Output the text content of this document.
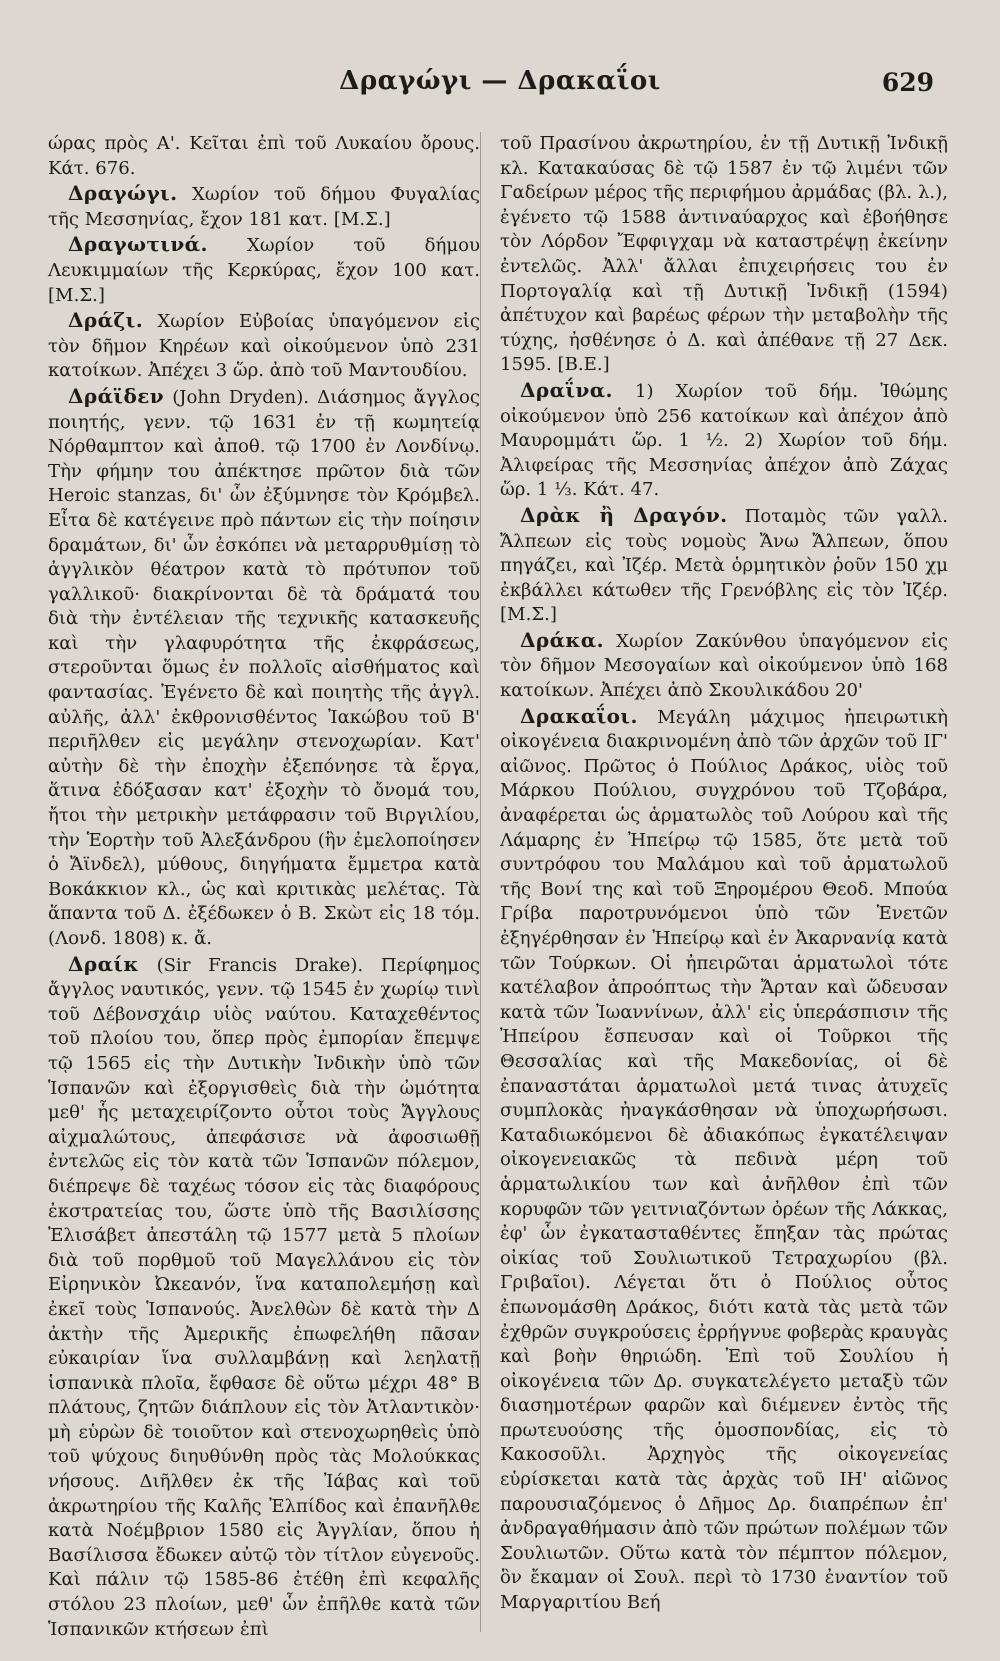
Δραγώγι — Δρακαΐοι	629

ώρας πρὸς Α'. Κεῖται ἐπὶ τοῦ Λυκαίου ὄρους. Κάτ. 676.

Δραγώγι. Χωρίον τοῦ δήμου Φυγαλίας τῆς Μεσσηνίας, ἔχον 181 κατ. [Μ.Σ.]

Δραγωτινά. Χωρίον τοῦ δήμου Λευκιμμαίων τῆς Κερκύρας, ἔχον 100 κατ. [Μ.Σ.]

Δράζι. Χωρίον Εὐβοίας ὑπαγόμενον εἰς τὸν δῆμον Κηρέων καὶ οἰκούμενον ὑπὸ 231 κατοίκων. Ἀπέχει 3 ὥρ. ἀπὸ τοῦ Μαντουδίου.

Δράϊδεν (John Dryden). Διάσημος ἄγγλος ποιητής, γενν. τῷ 1631 ἐν τῇ κωμητείᾳ Νόρθαμπτον καὶ ἀποθ. τῷ 1700 ἐν Λονδίνῳ. Τὴν φήμην του ἀπέκτησε πρῶτον διὰ τῶν Heroic stanzas, δι' ὧν ἐξύμνησε τὸν Κρόμβελ. Εἶτα δὲ κατέγεινε πρὸ πάντων εἰς τὴν ποίησιν δραμάτων, δι' ὧν ἐσκόπει νὰ μεταρρυθμίσῃ τὸ ἀγγλικὸν θέατρον κατὰ τὸ πρότυπον τοῦ γαλλικοῦ· διακρίνονται δὲ τὰ δράματά του διὰ τὴν ἐντέλειαν τῆς τεχνικῆς κατασκευῆς καὶ τὴν γλαφυρότητα τῆς ἐκφράσεως, στεροῦνται ὅμως ἐν πολλοῖς αἰσθήματος καὶ φαντασίας. Ἐγένετο δὲ καὶ ποιητὴς τῆς ἀγγλ. αὐλῆς, ἀλλ' ἐκθρονισθέντος Ἰακώβου τοῦ Β' περιῆλθεν εἰς μεγάλην στενοχωρίαν. Κατ' αὐτὴν δὲ τὴν ἐποχὴν ἐξεπόνησε τὰ ἔργα, ἅτινα ἐδόξασαν κατ' ἐξοχὴν τὸ ὄνομά του, ἤτοι τὴν μετρικὴν μετάφρασιν τοῦ Βιργιλίου, τὴν Ἑορτὴν τοῦ Ἀλεξάνδρου (ἣν ἐμελοποίησεν ὁ Ἄϊνδελ), μύθους, διηγήματα ἔμμετρα κατὰ Βοκάκκιον κλ., ὡς καὶ κριτικὰς μελέτας. Τὰ ἅπαντα τοῦ Δ. ἐξέδωκεν ὁ Β. Σκὼτ εἰς 18 τόμ. (Λονδ. 1808) κ. ἄ.

Δραίκ (Sir Francis Drake). Περίφημος ἄγγλος ναυτικός, γενν. τῷ 1545 ἐν χωρίῳ τινὶ τοῦ Δέβονσχάιρ υἱὸς ναύτου. Καταχεθέντος τοῦ πλοίου του, ὅπερ πρὸς ἐμπορίαν ἔπεμψε τῷ 1565 εἰς τὴν Δυτικὴν Ἰνδικὴν ὑπὸ τῶν Ἱσπανῶν καὶ ἐξοργισθεὶς διὰ τὴν ὠμότητα μεθ' ἧς μεταχειρίζοντο οὗτοι τοὺς Ἄγγλους αἰχμαλώτους, ἀπεφάσισε νὰ ἀφοσιωθῇ ἐντελῶς εἰς τὸν κατὰ τῶν Ἱσπανῶν πόλεμον, διέπρεψε δὲ ταχέως τόσον εἰς τὰς διαφόρους ἐκστρατείας του, ὥστε ὑπὸ τῆς Βασιλίσσης Ἐλισάβετ ἀπεστάλη τῷ 1577 μετὰ 5 πλοίων διὰ τοῦ πορθμοῦ τοῦ Μαγελλάνου εἰς τὸν Εἰρηνικὸν Ὠκεανόν, ἵνα καταπολεμήσῃ καὶ ἐκεῖ τοὺς Ἱσπανούς. Ἀνελθὼν δὲ κατὰ τὴν Δ ἀκτὴν τῆς Ἀμερικῆς ἐπωφελήθη πᾶσαν εὐκαιρίαν ἵνα συλλαμβάνῃ καὶ λεηλατῇ ἱσπανικὰ πλοῖα, ἔφθασε δὲ οὕτω μέχρι 48° Β πλάτους, ζητῶν διάπλουν εἰς τὸν Ἀτλαντικὸν· μὴ εὑρὼν δὲ τοιοῦτον καὶ στενοχωρηθεὶς ὑπὸ τοῦ ψύχους διηυθύνθη πρὸς τὰς Μολούκκας νήσους. Διῆλθεν ἐκ τῆς Ἰάβας καὶ τοῦ ἀκρωτηρίου τῆς Καλῆς Ἐλπίδος καὶ ἐπανῆλθε κατὰ Νοέμβριον 1580 εἰς Ἀγγλίαν, ὅπου ἡ Βασίλισσα ἔδωκεν αὐτῷ τὸν τίτλον εὐγενοῦς. Καὶ πάλιν τῷ 1585-86 ἐτέθη ἐπὶ κεφαλῆς στόλου 23 πλοίων, μεθ' ὧν ἐπῆλθε κατὰ τῶν Ἱσπανικῶν κτήσεων ἐπὶ

τοῦ Πρασίνου ἀκρωτηρίου, ἐν τῇ Δυτικῇ Ἰνδικῇ κλ. Κατακαύσας δὲ τῷ 1587 ἐν τῷ λιμένι τῶν Γαδείρων μέρος τῆς περιφήμου ἀρμάδας (βλ. λ.), ἐγένετο τῷ 1588 ἀντιναύαρχος καὶ ἐβοήθησε τὸν Λόρδον Ἔφφιγχαμ νὰ καταστρέψῃ ἐκείνην ἐντελῶς. Ἀλλ' ἄλλαι ἐπιχειρήσεις του ἐν Πορτογαλίᾳ καὶ τῇ Δυτικῇ Ἰνδικῇ (1594) ἀπέτυχον καὶ βαρέως φέρων τὴν μεταβολὴν τῆς τύχης, ἠσθένησε ὁ Δ. καὶ ἀπέθανε τῇ 27 Δεκ. 1595. [Β.Ε.]

Δραΐνα. 1) Χωρίον τοῦ δήμ. Ἰθώμης οἰκούμενον ὑπὸ 256 κατοίκων καὶ ἀπέχον ἀπὸ Μαυρομμάτι ὥρ. 1 ½. 2) Χωρίον τοῦ δήμ. Ἀλιφείρας τῆς Μεσσηνίας ἀπέχον ἀπὸ Ζάχας ὥρ. 1 ⅓. Κάτ. 47.

Δρὰκ ἢ Δραγόν. Ποταμὸς τῶν γαλλ. Ἄλπεων εἰς τοὺς νομοὺς Ἄνω Ἄλπεων, ὅπου πηγάζει, καὶ Ἰζέρ. Μετὰ ὁρμητικὸν ῥοῦν 150 χμ ἐκβάλλει κάτωθεν τῆς Γρενόβλης εἰς τὸν Ἰζέρ. [Μ.Σ.]

Δράκα. Χωρίον Ζακύνθου ὑπαγόμενον εἰς τὸν δῆμον Μεσογαίων καὶ οἰκούμενον ὑπὸ 168 κατοίκων. Ἀπέχει ἀπὸ Σκουλικάδου 20'

Δρακαΐοι. Μεγάλη μάχιμος ἠπειρωτικὴ οἰκογένεια διακρινομένη ἀπὸ τῶν ἀρχῶν τοῦ ΙΓ' αἰῶνος. Πρῶτος ὁ Πούλιος Δράκος, υἱὸς τοῦ Μάρκου Πούλιου, συγχρόνου τοῦ Τζοβάρα, ἀναφέρεται ὡς ἁρματωλὸς τοῦ Λούρου καὶ τῆς Λάμαρης ἐν Ἠπείρῳ τῷ 1585, ὅτε μετὰ τοῦ συντρόφου του Μαλάμου καὶ τοῦ ἁρματωλοῦ τῆς Βονί της καὶ τοῦ Ξηρομέρου Θεοδ. Μπούα Γρίβα παροτρυνόμενοι ὑπὸ τῶν Ἑνετῶν ἐξηγέρθησαν ἐν Ἠπείρῳ καὶ ἐν Ἀκαρνανίᾳ κατὰ τῶν Τούρκων. Οἱ ἠπειρῶται ἁρματωλοὶ τότε κατέλαβον ἀπροόπτως τὴν Ἄρταν καὶ ὥδευσαν κατὰ τῶν Ἰωαννίνων, ἀλλ' εἰς ὑπεράσπισιν τῆς Ἠπείρου ἔσπευσαν καὶ οἱ Τοῦρκοι τῆς Θεσσαλίας καὶ τῆς Μακεδονίας, οἱ δὲ ἐπαναστάται ἁρματωλοὶ μετά τινας ἀτυχεῖς συμπλοκὰς ἠναγκάσθησαν νὰ ὑποχωρήσωσι. Καταδιωκόμενοι δὲ ἀδιακόπως ἐγκατέλειψαν οἰκογενειακῶς τὰ πεδινὰ μέρη τοῦ ἁρματωλικίου των καὶ ἀνῆλθον ἐπὶ τῶν κορυφῶν τῶν γειτνιαζόντων ὀρέων τῆς Λάκκας, ἐφ' ὧν ἐγκατασταθέντες ἔπηξαν τὰς πρώτας οἰκίας τοῦ Σουλιωτικοῦ Τετραχωρίου (βλ. Γριβαῖοι). Λέγεται ὅτι ὁ Πούλιος οὗτος ἐπωνομάσθη Δράκος, διότι κατὰ τὰς μετὰ τῶν ἐχθρῶν συγκρούσεις ἐρρήγνυε φοβερὰς κραυγὰς καὶ βοὴν θηριώδη. Ἐπὶ τοῦ Σουλίου ἡ οἰκογένεια τῶν Δρ. συγκατελέγετο μεταξὺ τῶν διασημοτέρων φαρῶν καὶ διέμενεν ἐντὸς τῆς πρωτευούσης τῆς ὁμοσπονδίας, εἰς τὸ Κακοσοῦλι. Ἀρχηγὸς τῆς οἰκογενείας εὑρίσκεται κατὰ τὰς ἀρχὰς τοῦ ΙΗ' αἰῶνος παρουσιαζόμενος ὁ Δῆμος Δρ. διαπρέπων ἐπ' ἀνδραγαθήμασιν ἀπὸ τῶν πρώτων πολέμων τῶν Σουλιωτῶν. Οὕτω κατὰ τὸν πέμπτον πόλεμον, ὃν ἔκαμαν οἱ Σουλ. περὶ τὸ 1730 ἐναντίον τοῦ Μαργαριτίου Βεή
